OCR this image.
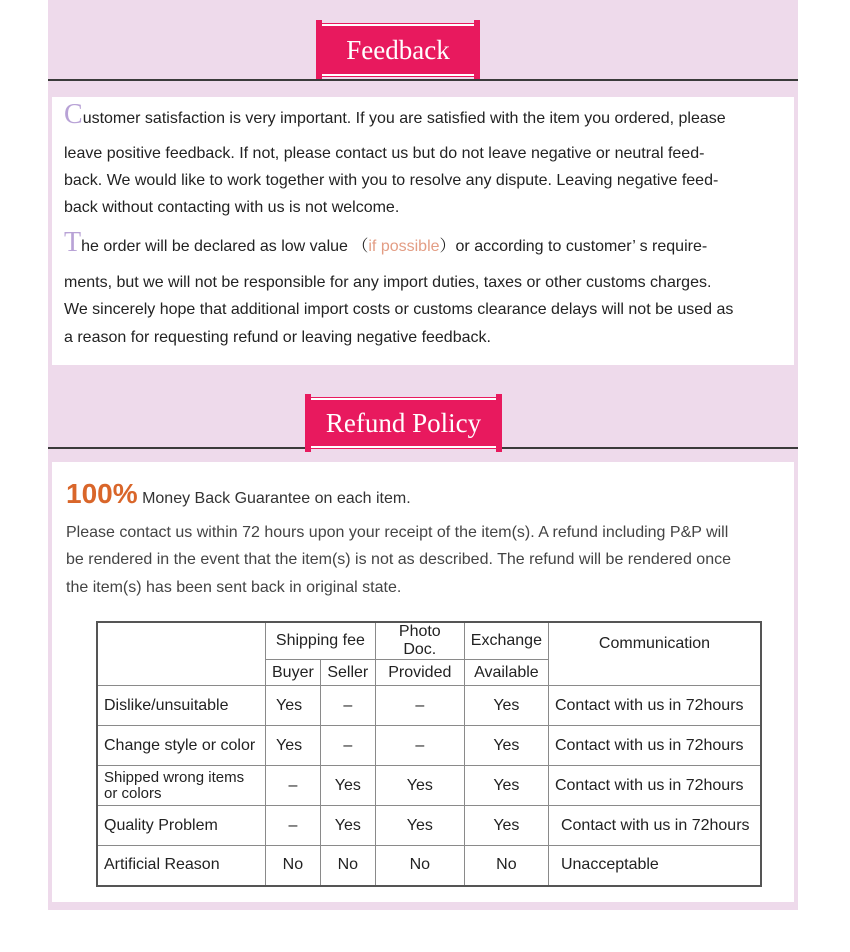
Feedback
Customer satisfaction is very important. If you are satisfied with the item you ordered, please
leave positive feedback. If not, please contact us but do not leave negative or neutral feed-
back. We would like to work together with you to resolve any dispute. Leaving negative feed-
back without contacting with us is not welcome.
The order will be declared as low value （if possible）or according to customer’ s require-
ments, but we will not be responsible for any import duties, taxes or other customs charges.
We sincerely hope that additional import costs or customs clearance delays will not be used as
a reason for requesting refund or leaving negative feedback.
Refund Policy
100% Money Back Guarantee on each item.
Please contact us within 72 hours upon your receipt of the item(s). A refund including P&P will
be rendered in the event that the item(s) is not as described. The refund will be rendered once
the item(s) has been sent back in original state.
	Shipping fee		Photo Doc.	Exchange	Communication
	Buyer	Seller	Provided	Available	
Dislike/unsuitable	Yes	–	–	Yes	Contact with us in 72hours
Change style or color	Yes	–	–	Yes	Contact with us in 72hours
Shipped wrong items
or colors	–	Yes	Yes	Yes	Contact with us in 72hours
Quality Problem	–	Yes	Yes	Yes	Contact with us in 72hours
Artificial Reason	No	No	No	No	Unacceptable
